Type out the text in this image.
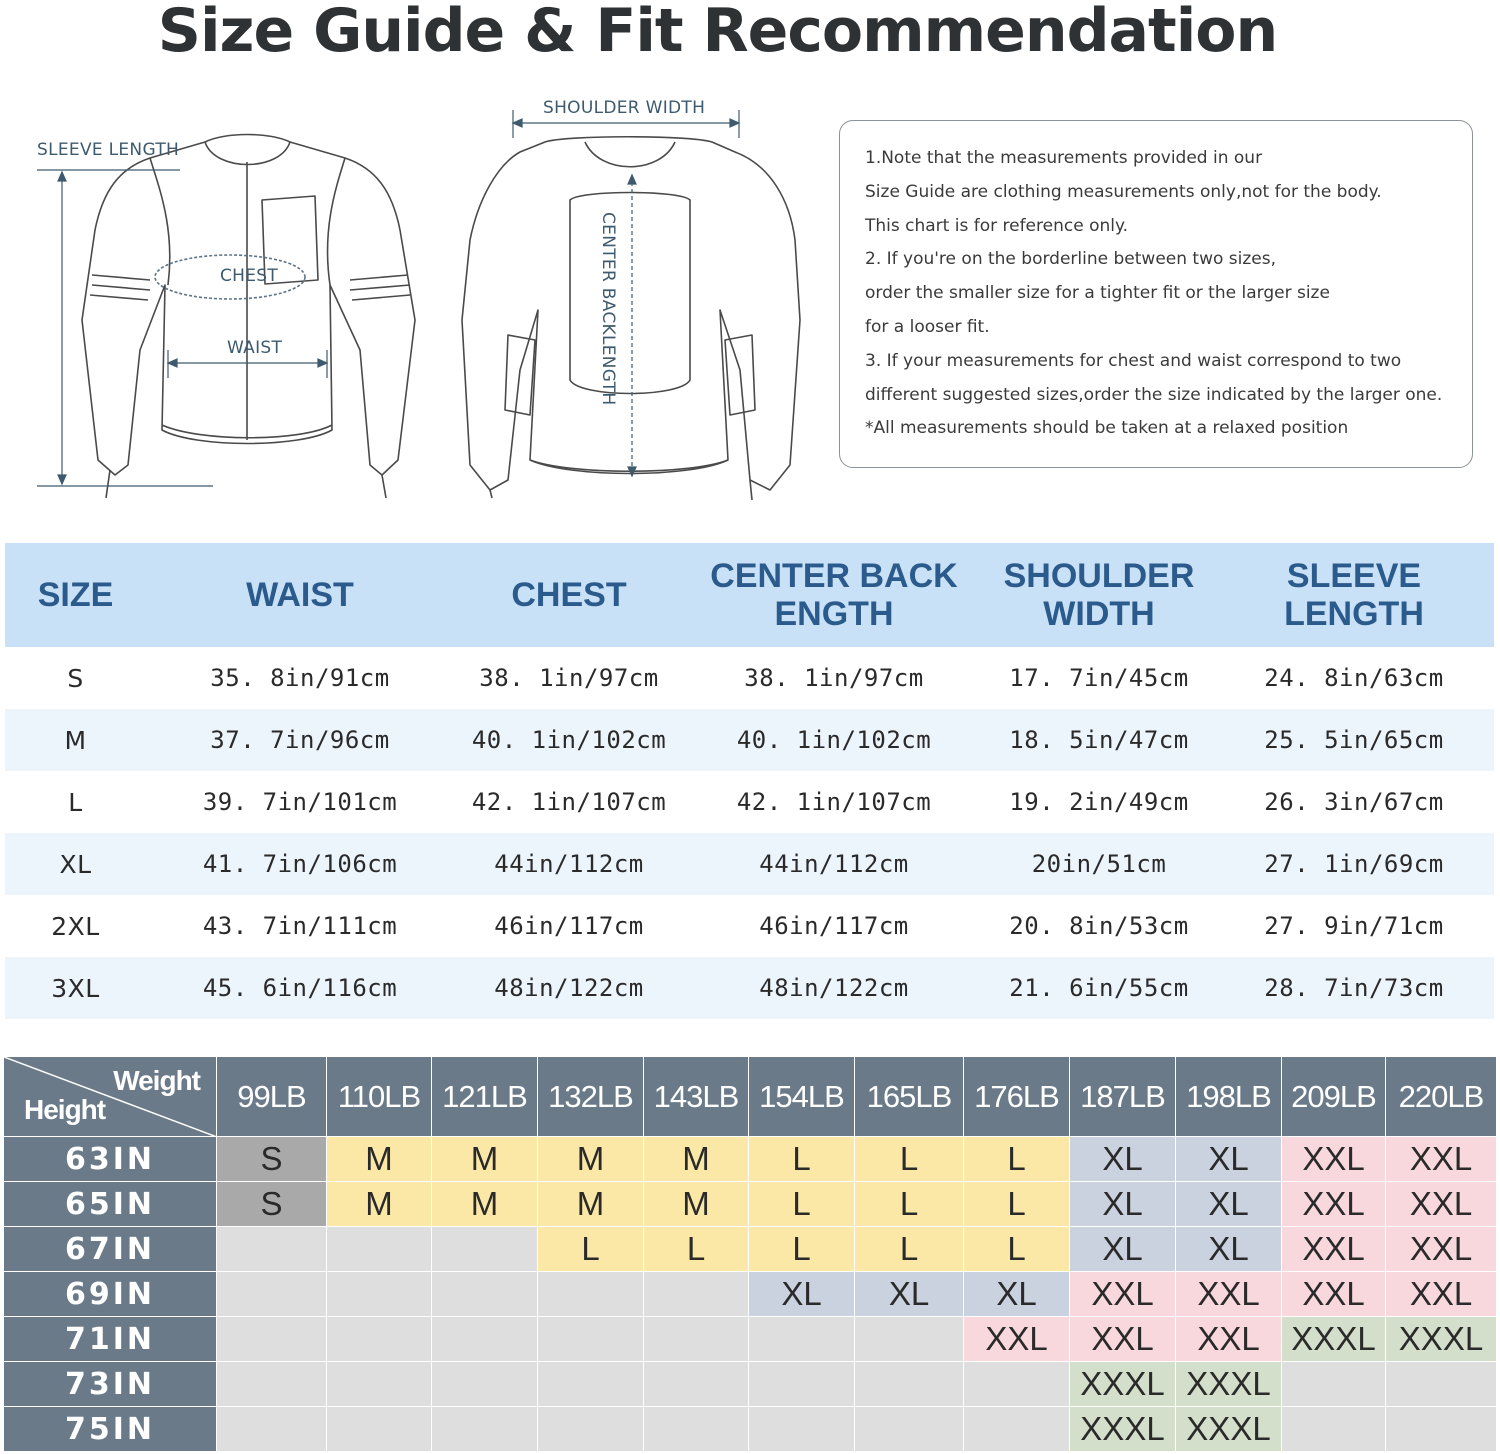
Size Guide & Fit Recommendation
SLEEVE LENGTH
CHEST
WAIST
SHOULDER WIDTH
CENTER BACKLENGTH

1.Note that the measurements provided in our

Size Guide are clothing measurements only,not for the body.

This chart is for reference only.

2. If you're on the borderline between two sizes,

order the smaller size for a tighter fit or the larger size

for a looser fit.

3. If your measurements for chest and waist correspond to two

different suggested sizes,order the size indicated by the larger one.

*All measurements should be taken at a relaxed position

SIZE	WAIST	CHEST	CENTER BACK
ENGTH	SHOULDER
WIDTH	SLEEVE
LENGTH
S	35. 8in/91cm	38. 1in/97cm	38. 1in/97cm	17. 7in/45cm	24. 8in/63cm
M	37. 7in/96cm	40. 1in/102cm	40. 1in/102cm	18. 5in/47cm	25. 5in/65cm
L	39. 7in/101cm	42. 1in/107cm	42. 1in/107cm	19. 2in/49cm	26. 3in/67cm
XL	41. 7in/106cm	44in/112cm	44in/112cm	20in/51cm	27. 1in/69cm
2XL	43. 7in/111cm	46in/117cm	46in/117cm	20. 8in/53cm	27. 9in/71cm
3XL	45. 6in/116cm	48in/122cm	48in/122cm	21. 6in/55cm	28. 7in/73cm
Weight
Height	99LB	110LB	121LB	132LB	143LB	154LB	165LB	176LB	187LB	198LB	209LB	220LB
63IN	S	M	M	M	M	L	L	L	XL	XL	XXL	XXL
65IN	S	M	M	M	M	L	L	L	XL	XL	XXL	XXL
67IN				L	L	L	L	L	XL	XL	XXL	XXL
69IN						XL	XL	XL	XXL	XXL	XXL	XXL
71IN								XXL	XXL	XXL	XXXL	XXXL
73IN									XXXL	XXXL		
75IN									XXXL	XXXL		
